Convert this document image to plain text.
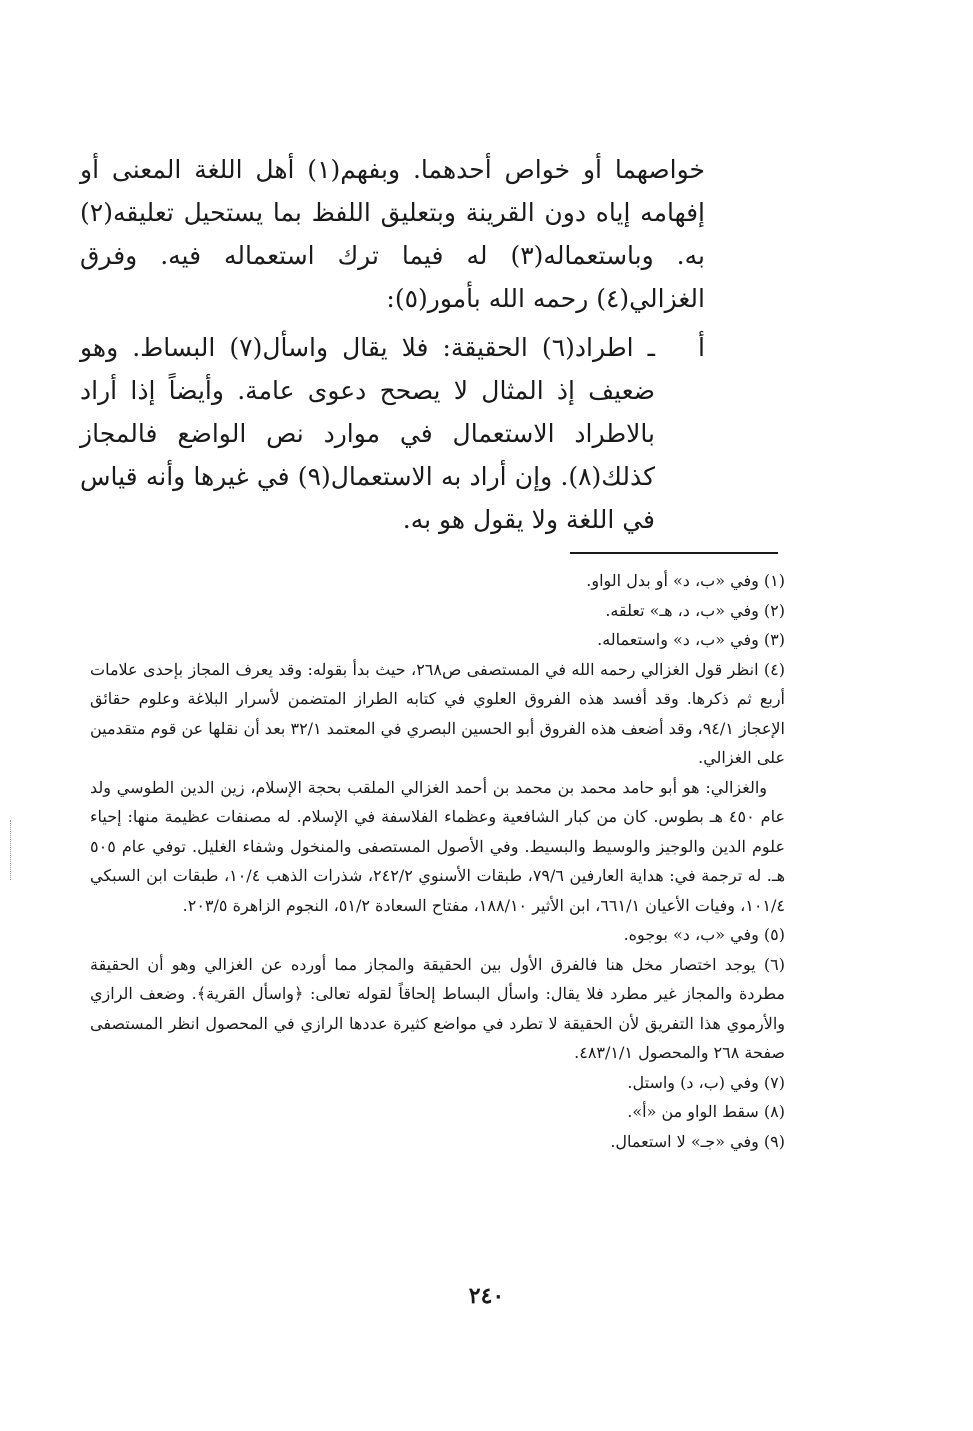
خواصهما أو خواص أحدهما. وبفهم(١) أهل اللغة المعنى أو إفهامه إياه دون القرينة وبتعليق اللفظ بما يستحيل تعليقه(٢) به. وباستعماله(٣) له فيما ترك استعماله فيه. وفرق الغزالي(٤) رحمه الله بأمور(٥):

أ
ـ اطراد(٦) الحقيقة: فلا يقال واسأل(٧) البساط. وهو ضعيف إذ المثال لا يصحح دعوى عامة. وأيضاً إذا أراد بالاطراد الاستعمال في موارد نص الواضع فالمجاز كذلك(٨). وإن أراد به الاستعمال(٩) في غيرها وأنه قياس في اللغة ولا يقول هو به.

(١) وفي «ب، د» أو بدل الواو.

(٢) وفي «ب، د، هـ» تعلقه.

(٣) وفي «ب، د» واستعماله.

(٤) انظر قول الغزالي رحمه الله في المستصفى ص٢٦٨، حيث بدأ بقوله: وقد يعرف المجاز بإحدى علامات أربع ثم ذكرها. وقد أفسد هذه الفروق العلوي في كتابه الطراز المتضمن لأسرار البلاغة وعلوم حقائق الإعجاز ٩٤/١، وقد أضعف هذه الفروق أبو الحسين البصري في المعتمد ٣٢/١ بعد أن نقلها عن قوم متقدمين على الغزالي.

والغزالي: هو أبو حامد محمد بن محمد بن أحمد الغزالي الملقب بحجة الإسلام، زين الدين الطوسي ولد عام ٤٥٠ هـ بطوس. كان من كبار الشافعية وعظماء الفلاسفة في الإسلام. له مصنفات عظيمة منها: إحياء علوم الدين والوجيز والوسيط والبسيط. وفي الأصول المستصفى والمنخول وشفاء الغليل. توفي عام ٥٠٥ هـ. له ترجمة في: هداية العارفين ٧٩/٦، طبقات الأسنوي ٢٤٢/٢، شذرات الذهب ١٠/٤، طبقات ابن السبكي ١٠١/٤، وفيات الأعيان ٦٦١/١، ابن الأثير ١٨٨/١٠، مفتاح السعادة ٥١/٢، النجوم الزاهرة ٢٠٣/٥.

(٥) وفي «ب، د» بوجوه.

(٦) يوجد اختصار مخل هنا فالفرق الأول بين الحقيقة والمجاز مما أورده عن الغزالي وهو أن الحقيقة مطردة والمجاز غير مطرد فلا يقال: واسأل البساط إلحاقاً لقوله تعالى: ﴿واسأل القرية﴾. وضعف الرازي والأرموي هذا التفريق لأن الحقيقة لا تطرد في مواضع كثيرة عددها الرازي في المحصول انظر المستصفى صفحة ٢٦٨ والمحصول ٤٨٣/١/١.

(٧) وفي (ب، د) واستل.

(٨) سقط الواو من «أ».

(٩) وفي «جـ» لا استعمال.

٢٤٠
